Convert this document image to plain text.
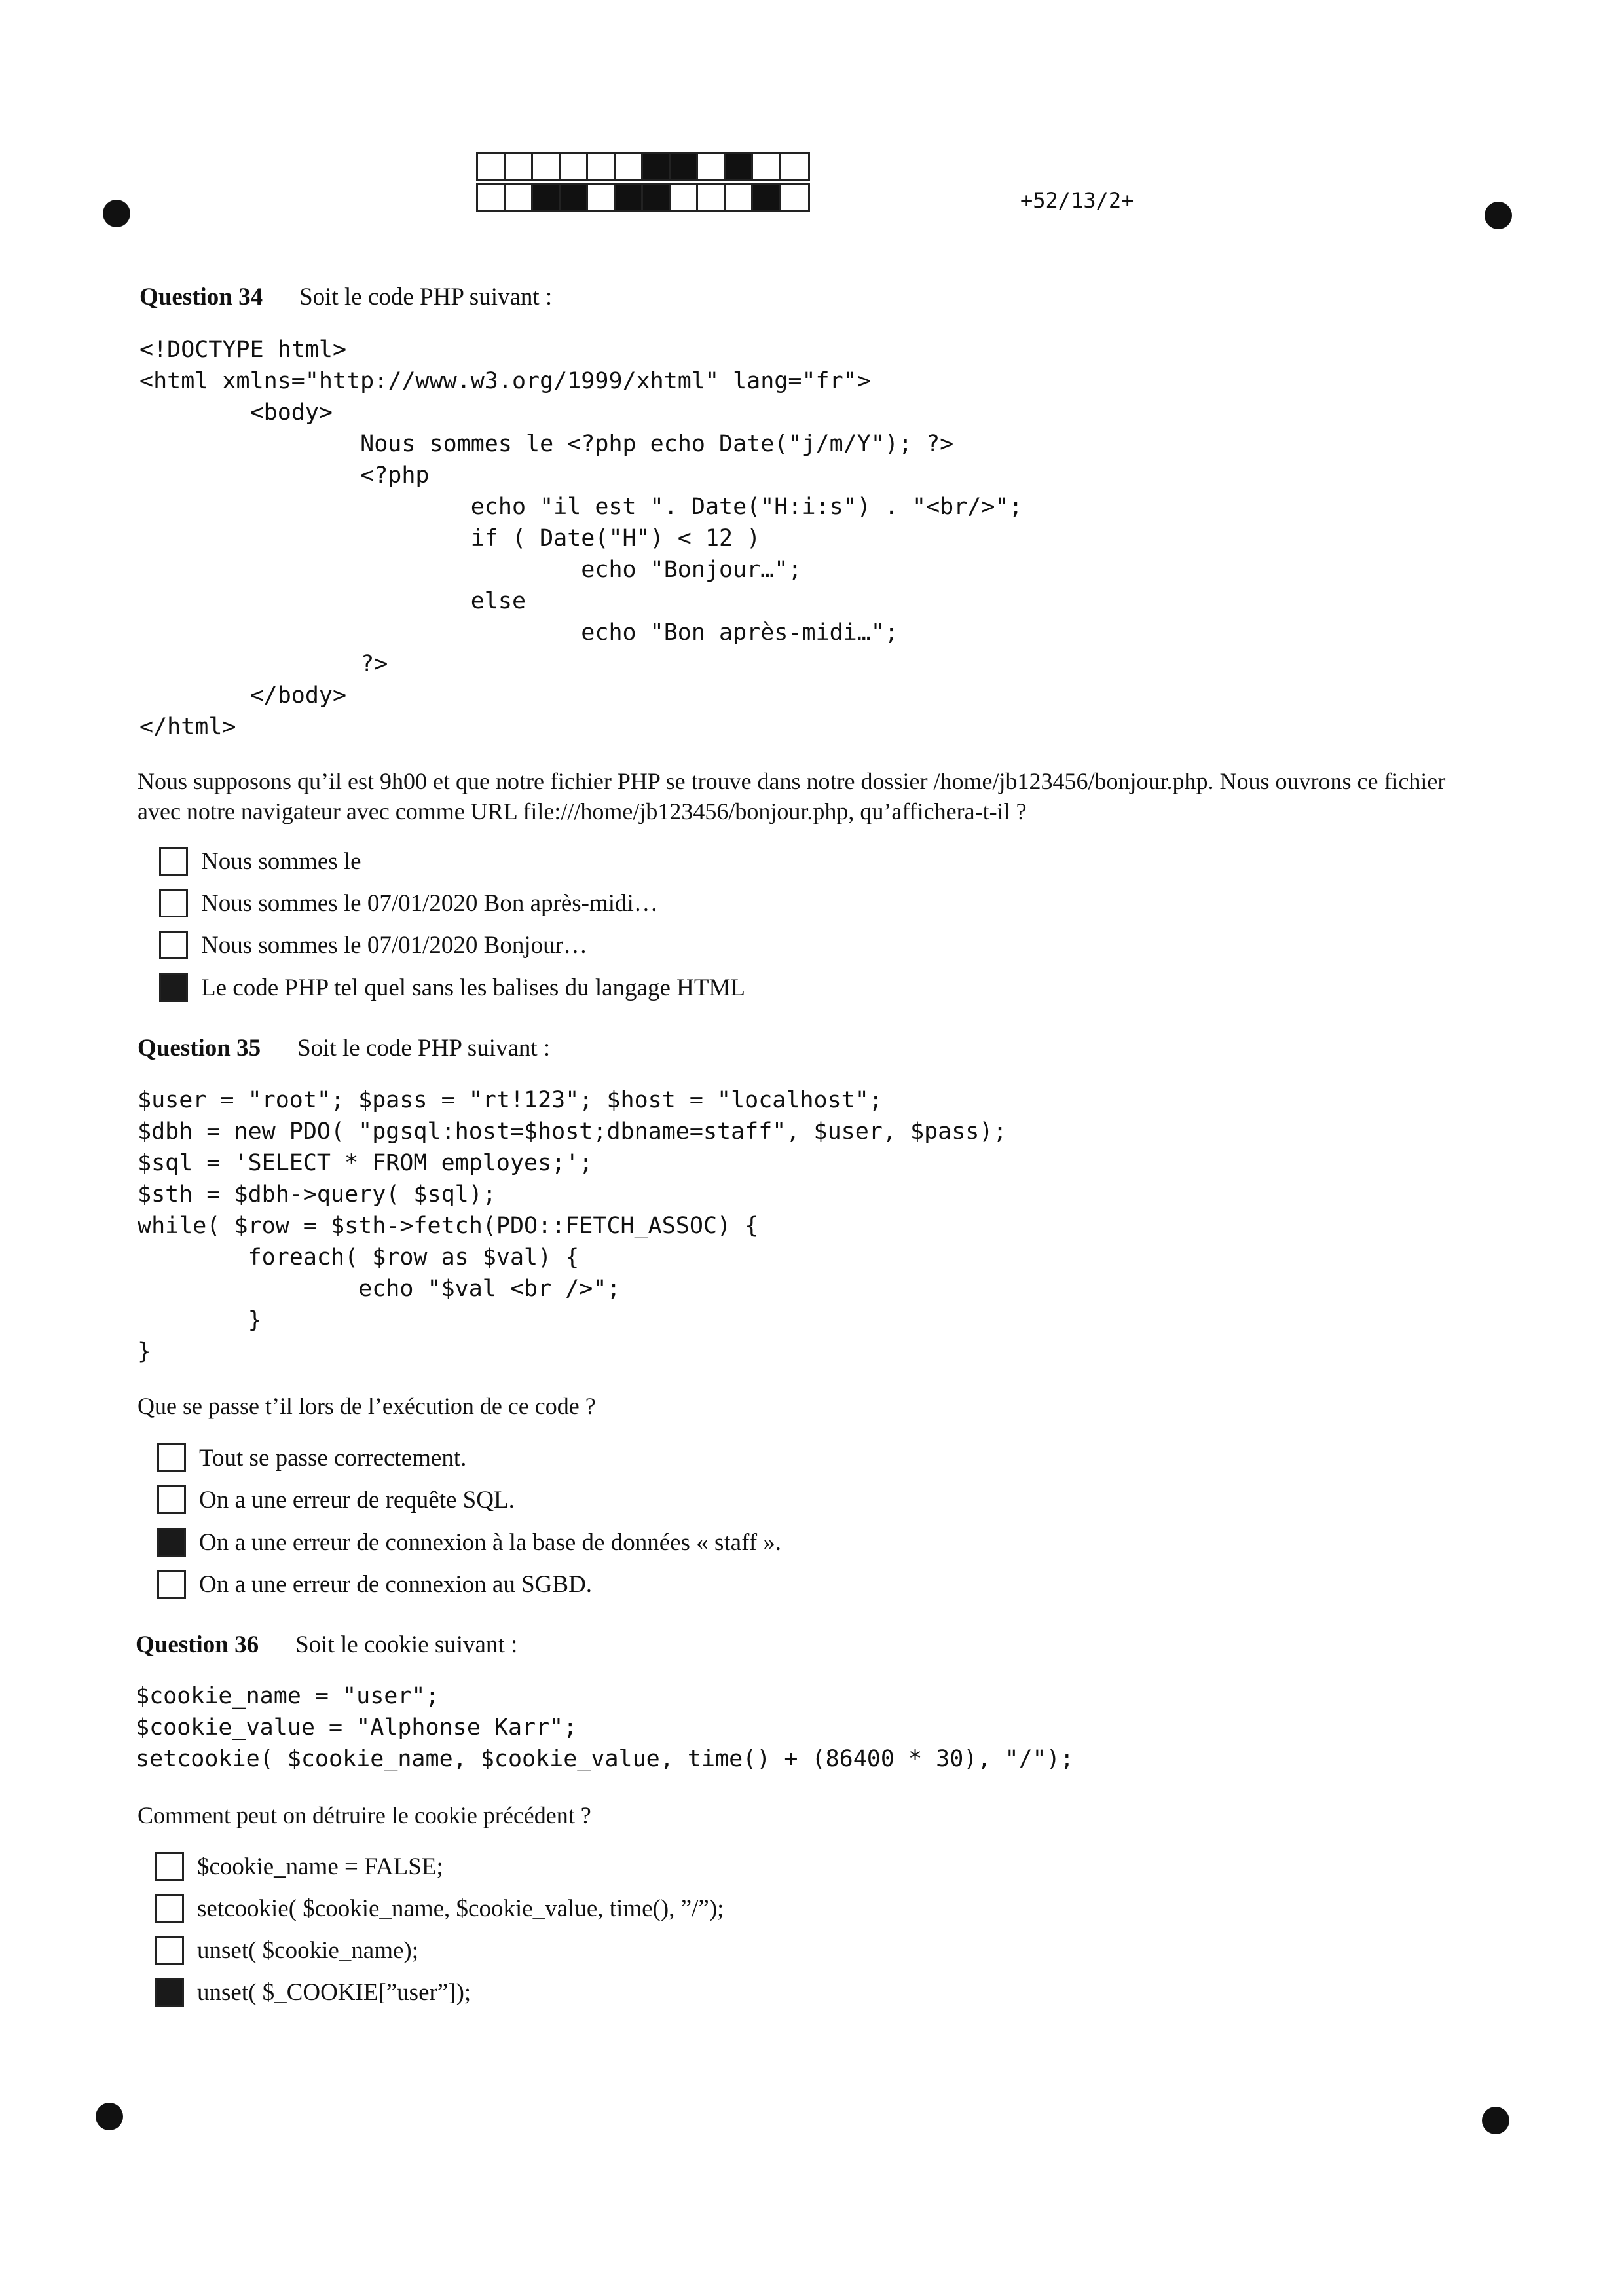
+52/13/2+
Question 34 Soit le code PHP suivant :
<!DOCTYPE html>
<html xmlns="http://www.w3.org/1999/xhtml" lang="fr">
<body>
Nous sommes le <?php echo Date("j/m/Y"); ?>
<?php
echo "il est ". Date("H:i:s") . "<br/>";
if ( Date("H") < 12 )
echo "Bonjour…";
else
echo "Bon après-midi…";
?>
</body>
</html>

Nous supposons qu’il est 9h00 et que notre fichier PHP se trouve dans notre dossier /home/jb123456/bonjour.php. Nous ouvrons ce fichier avec notre navigateur avec comme URL file:///home/jb123456/bonjour.php, qu’affichera-t-il ?

Nous sommes le
Nous sommes le 07/01/2020 Bon après-midi…
Nous sommes le 07/01/2020 Bonjour…
Le code PHP tel quel sans les balises du langage HTML
Question 35 Soit le code PHP suivant :
$user = "root"; $pass = "rt!123"; $host = "localhost";
$dbh = new PDO( "pgsql:host=$host;dbname=staff", $user, $pass);
$sql = 'SELECT * FROM employes;';
$sth = $dbh->query( $sql);
while( $row = $sth->fetch(PDO::FETCH_ASSOC) {
foreach( $row as $val) {
echo "$val <br />";
}
}

Que se passe t’il lors de l’exécution de ce code ?

Tout se passe correctement.
On a une erreur de requête SQL.
On a une erreur de connexion à la base de données « staff ».
On a une erreur de connexion au SGBD.
Question 36 Soit le cookie suivant :
$cookie_name = "user";
$cookie_value = "Alphonse Karr";
setcookie( $cookie_name, $cookie_value, time() + (86400 * 30), "/");

Comment peut on détruire le cookie précédent ?

$cookie_name = FALSE;
setcookie( $cookie_name, $cookie_value, time(), ”/”);
unset( $cookie_name);
unset( $_COOKIE[”user”]);
